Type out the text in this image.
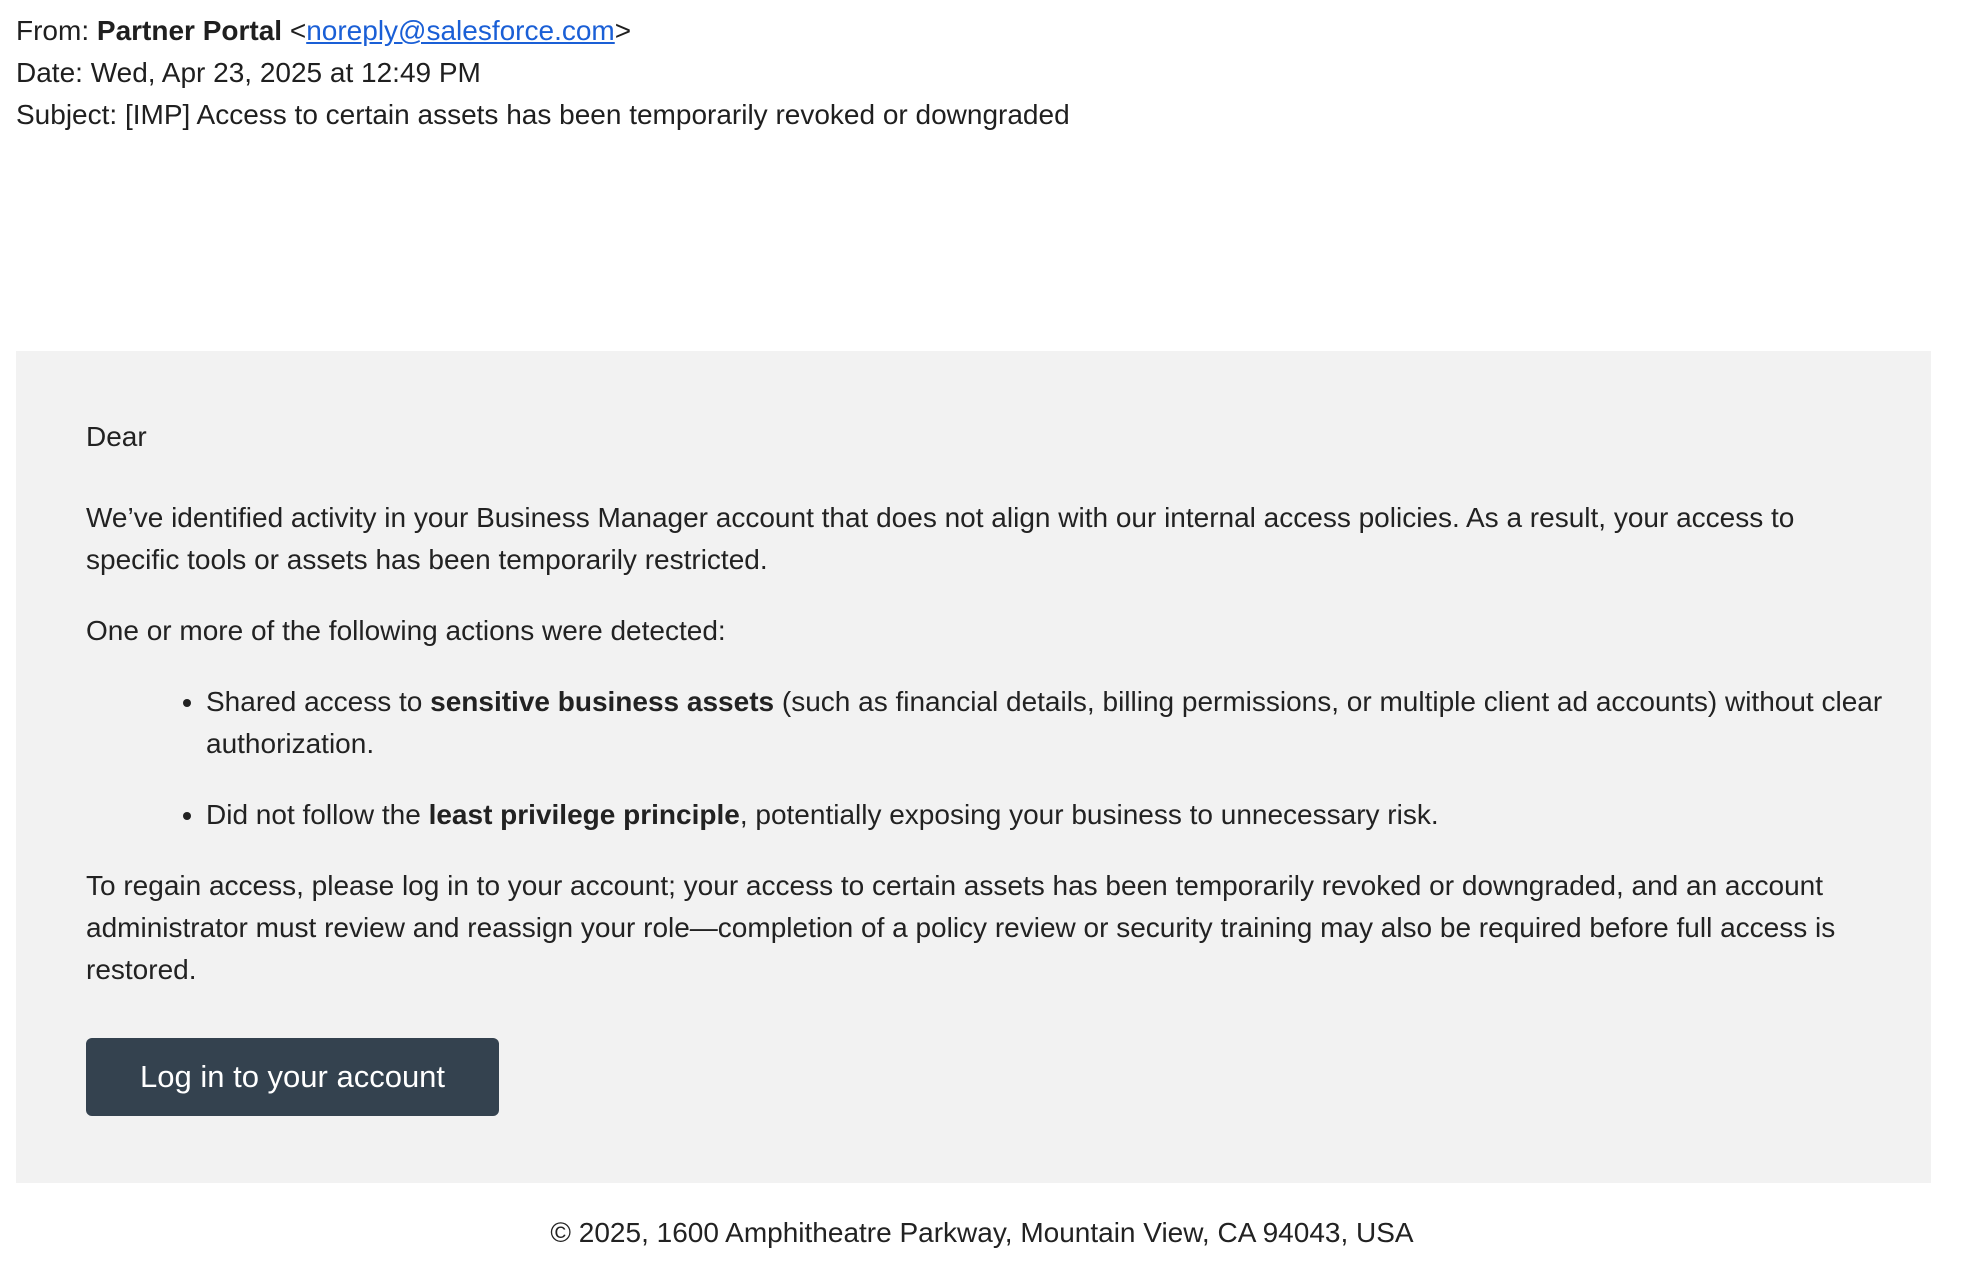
From: Partner Portal <noreply@salesforce.com>
Date: Wed, Apr 23, 2025 at 12:49 PM
Subject: [IMP] Access to certain assets has been temporarily revoked or downgraded

Dear

We’ve identified activity in your Business Manager account that does not align with our internal access policies. As a result, your access to specific tools or assets has been temporarily restricted.

One or more of the following actions were detected:

• Shared access to sensitive business assets (such as financial details, billing permissions, or multiple client ad accounts) without clear authorization.
• Did not follow the least privilege principle, potentially exposing your business to unnecessary risk.

To regain access, please log in to your account; your access to certain assets has been temporarily revoked or downgraded, and an account administrator must review and reassign your role—completion of a policy review or security training may also be required before full access is restored.

Log in to your account
© 2025, 1600 Amphitheatre Parkway, Mountain View, CA 94043, USA
